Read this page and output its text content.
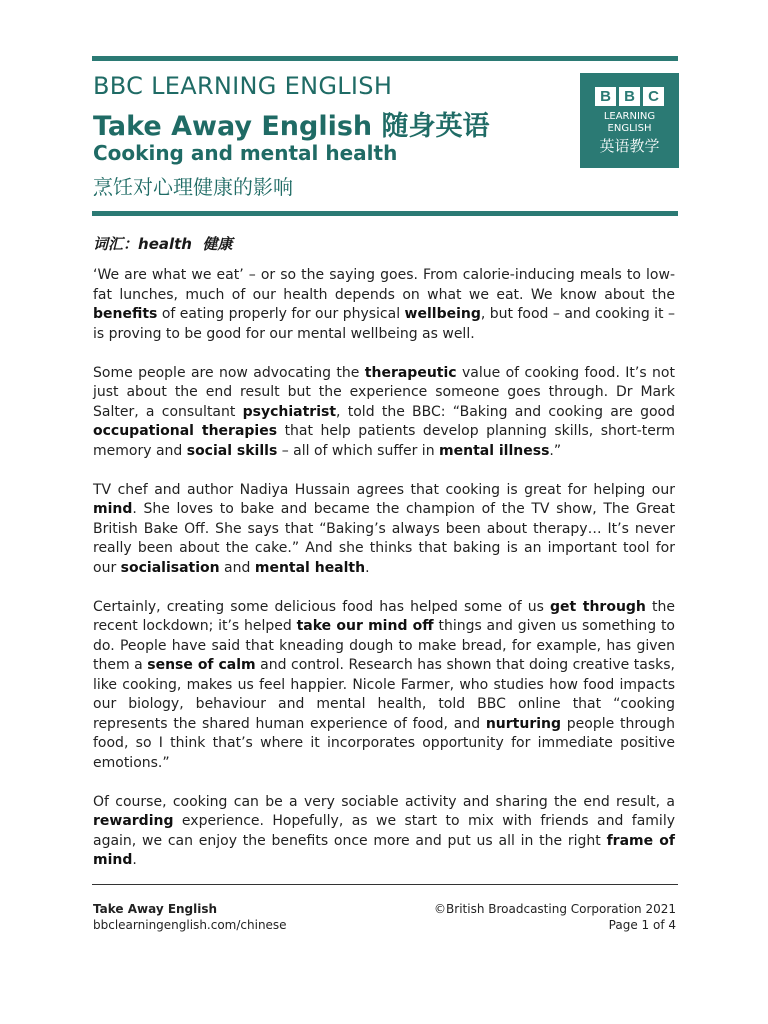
BBC LEARNING ENGLISH
Take Away English 随身英语
Cooking and mental health
烹饪对心理健康的影响
B B C
LEARNING
ENGLISH
英语教学
词汇：health 健康

‘We are what we eat’ – or so the saying goes. From calorie-inducing meals to low-fat lunches, much of our health depends on what we eat. We know about the benefits of eating properly for our physical wellbeing, but food – and cooking it – is proving to be good for our mental wellbeing as well.

Some people are now advocating the therapeutic value of cooking food. It’s not just about the end result but the experience someone goes through. Dr Mark Salter, a consultant psychiatrist, told the BBC: “Baking and cooking are good occupational therapies that help patients develop planning skills, short-term memory and social skills – all of which suffer in mental illness.”

TV chef and author Nadiya Hussain agrees that cooking is great for helping our mind. She loves to bake and became the champion of the TV show, The Great British Bake Off. She says that “Baking’s always been about therapy… It’s never really been about the cake.” And she thinks that baking is an important tool for our socialisation and mental health.

Certainly, creating some delicious food has helped some of us get through the recent lockdown; it’s helped take our mind off things and given us something to do. People have said that kneading dough to make bread, for example, has given them a sense of calm and control. Research has shown that doing creative tasks, like cooking, makes us feel happier. Nicole Farmer, who studies how food impacts our biology, behaviour and mental health, told BBC online that “cooking represents the shared human experience of food, and nurturing people through food, so I think that’s where it incorporates opportunity for immediate positive emotions.”

Of course, cooking can be a very sociable activity and sharing the end result, a rewarding experience. Hopefully, as we start to mix with friends and family again, we can enjoy the benefits once more and put us all in the right frame of mind.

Take Away English
bbclearningenglish.com/chinese
©British Broadcasting Corporation 2021
Page 1 of 4
